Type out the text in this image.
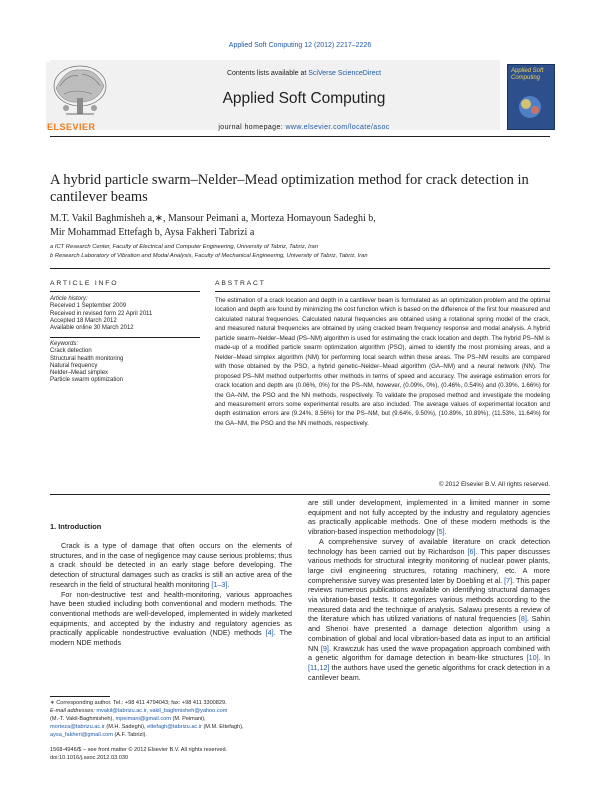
Applied Soft Computing 12 (2012) 2217–2226
ELSEVIER
Contents lists available at SciVerse ScienceDirect
Applied Soft Computing
journal homepage: www.elsevier.com/locate/asoc
Applied Soft Computing
A hybrid particle swarm–Nelder–Mead optimization method for crack detection in cantilever beams
M.T. Vakil Baghmisheh a,∗, Mansour Peimani a, Morteza Homayoun Sadeghi b,
Mir Mohammad Ettefagh b, Aysa Fakheri Tabrizi a
a ICT Research Center, Faculty of Electrical and Computer Engineering, University of Tabriz, Tabriz, Iran
b Research Laboratory of Vibration and Modal Analysis, Faculty of Mechanical Engineering, University of Tabriz, Tabriz, Iran
ARTICLE INFO
Article history:
Received 1 September 2009
Received in revised form 22 April 2011
Accepted 18 March 2012
Available online 30 March 2012
Keywords:
Crack detection
Structural health monitoring
Natural frequency
Nelder–Mead simplex
Particle swarm optimization
ABSTRACT
The estimation of a crack location and depth in a cantilever beam is formulated as an optimization problem and the optimal location and depth are found by minimizing the cost function which is based on the difference of the first four measured and calculated natural frequencies. Calculated natural frequencies are obtained using a rotational spring model of the crack, and measured natural frequencies are obtained by using cracked beam frequency response and modal analysis. A hybrid particle swarm–Nelder–Mead (PS–NM) algorithm is used for estimating the crack location and depth. The hybrid PS–NM is made-up of a modified particle swarm optimization algorithm (PSO), aimed to identify the most promising areas, and a Nelder–Mead simplex algorithm (NM) for performing local search within these areas. The PS–NM results are compared with those obtained by the PSO, a hybrid genetic–Nelder–Mead algorithm (GA–NM) and a neural network (NN). The proposed PS–NM method outperforms other methods in terms of speed and accuracy. The average estimation errors for crack location and depth are (0.06%, 0%) for the PS–NM, however, (0.09%, 0%), (0.46%, 0.54%) and (0.39%, 1.66%) for the GA–NM, the PSO and the NN methods, respectively. To validate the proposed method and investigate the modeling and measurement errors some experimental results are also included. The average values of experimental location and depth estimation errors are (9.24%, 8.56%) for the PS–NM, but (9.64%, 9.50%), (10.89%, 10.89%), (11.53%, 11.64%) for the GA–NM, the PSO and the NN methods, respectively.
© 2012 Elsevier B.V. All rights reserved.
1. Introduction

Crack is a type of damage that often occurs on the elements of structures, and in the case of negligence may cause serious problems; thus a crack should be detected in an early stage before developing. The detection of structural damages such as cracks is still an active area of the research in the field of structural health monitoring [1–3].

For non-destructive test and health-monitoring, various approaches have been studied including both conventional and modern methods. The conventional methods are well-developed, implemented in widely marketed equipments, and accepted by the industry and regulatory agencies as practically applicable nondestructive evaluation (NDE) methods [4]. The modern NDE methods

∗ Corresponding author. Tel.: +98 411 4794043; fax: +98 411 3300829.
E-mail addresses: mvakil@tabrizu.ac.ir, vakil_baghmisheh@yahoo.com
(M.-T. Vakil-Baghmisheh), mpeimani@gmail.com (M. Peimani),
morteza@tabrizu.ac.ir (M.H. Sadeghi), ettefagh@tabrizu.ac.ir (M.M. Ettefagh),
aysa_fakheri@gmail.com (A.F. Tabrizi).
1568-4946/$ – see front matter © 2012 Elsevier B.V. All rights reserved.
doi:10.1016/j.asoc.2012.03.030

are still under development, implemented in a limited manner in some equipment and not fully accepted by the industry and regulatory agencies as practically applicable methods. One of these modern methods is the vibration-based inspection methodology [5].

A comprehensive survey of available literature on crack detection technology has been carried out by Richardson [6]. This paper discusses various methods for structural integrity monitoring of nuclear power plants, large civil engineering structures, rotating machinery, etc. A more comprehensive survey was presented later by Doebling et al. [7]. This paper reviews numerous publications available on identifying structural damages via vibration-based tests. It categorizes various methods according to the measured data and the technique of analysis. Salawu presents a review of the literature which has utilized variations of natural frequencies [8]. Sahin and Shenoi have presented a damage detection algorithm using a combination of global and local vibration-based data as input to an artificial NN [9]. Krawczuk has used the wave propagation approach combined with a genetic algorithm for damage detection in beam-like structures [10]. In [11,12] the authors have used the genetic algorithms for crack detection in a cantilever beam.
